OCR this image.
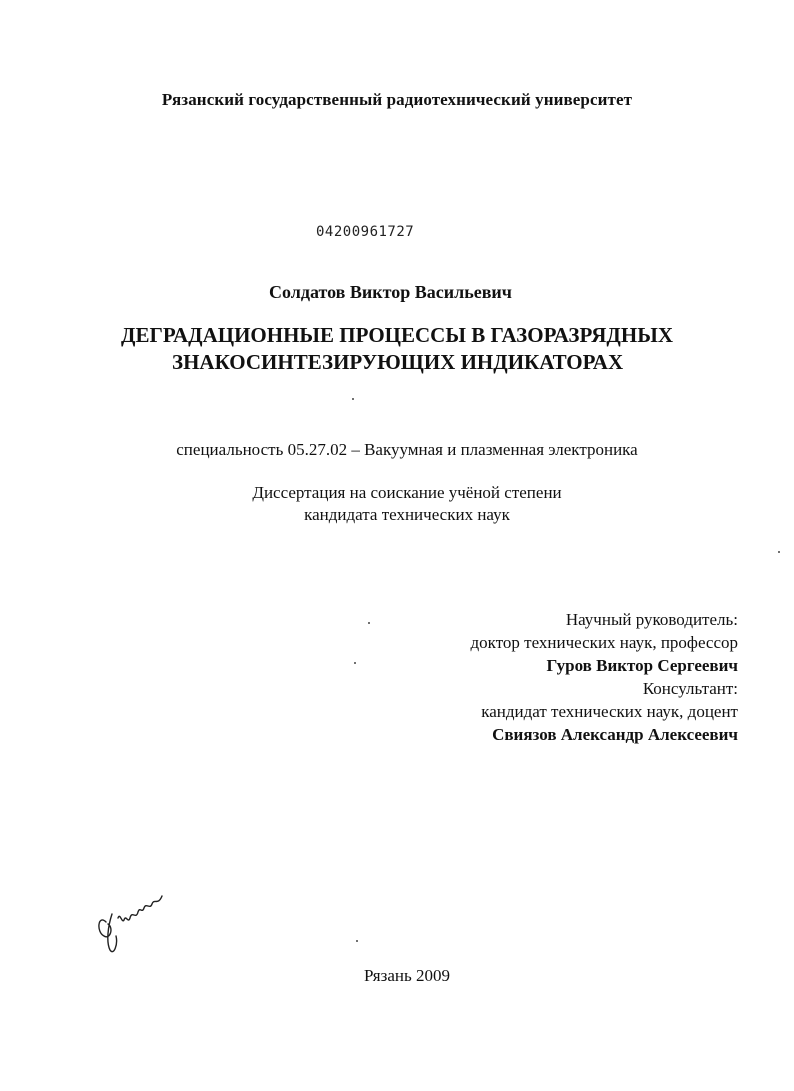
Рязанский государственный радиотехнический университет

04200961727

Солдатов Виктор Васильевич

ДЕГРАДАЦИОННЫЕ ПРОЦЕССЫ В ГАЗОРАЗРЯДНЫХ
ЗНАКОСИНТЕЗИРУЮЩИХ ИНДИКАТОРАХ

специальность 05.27.02 – Вакуумная и плазменная электроника

Диссертация на соискание учёной степени
кандидата технических наук
Научный руководитель:
доктор технических наук, профессор
Гуров Виктор Сергеевич
Консультант:
кандидат технических наук, доцент
Свиязов Александр Алексеевич

Рязань 2009
